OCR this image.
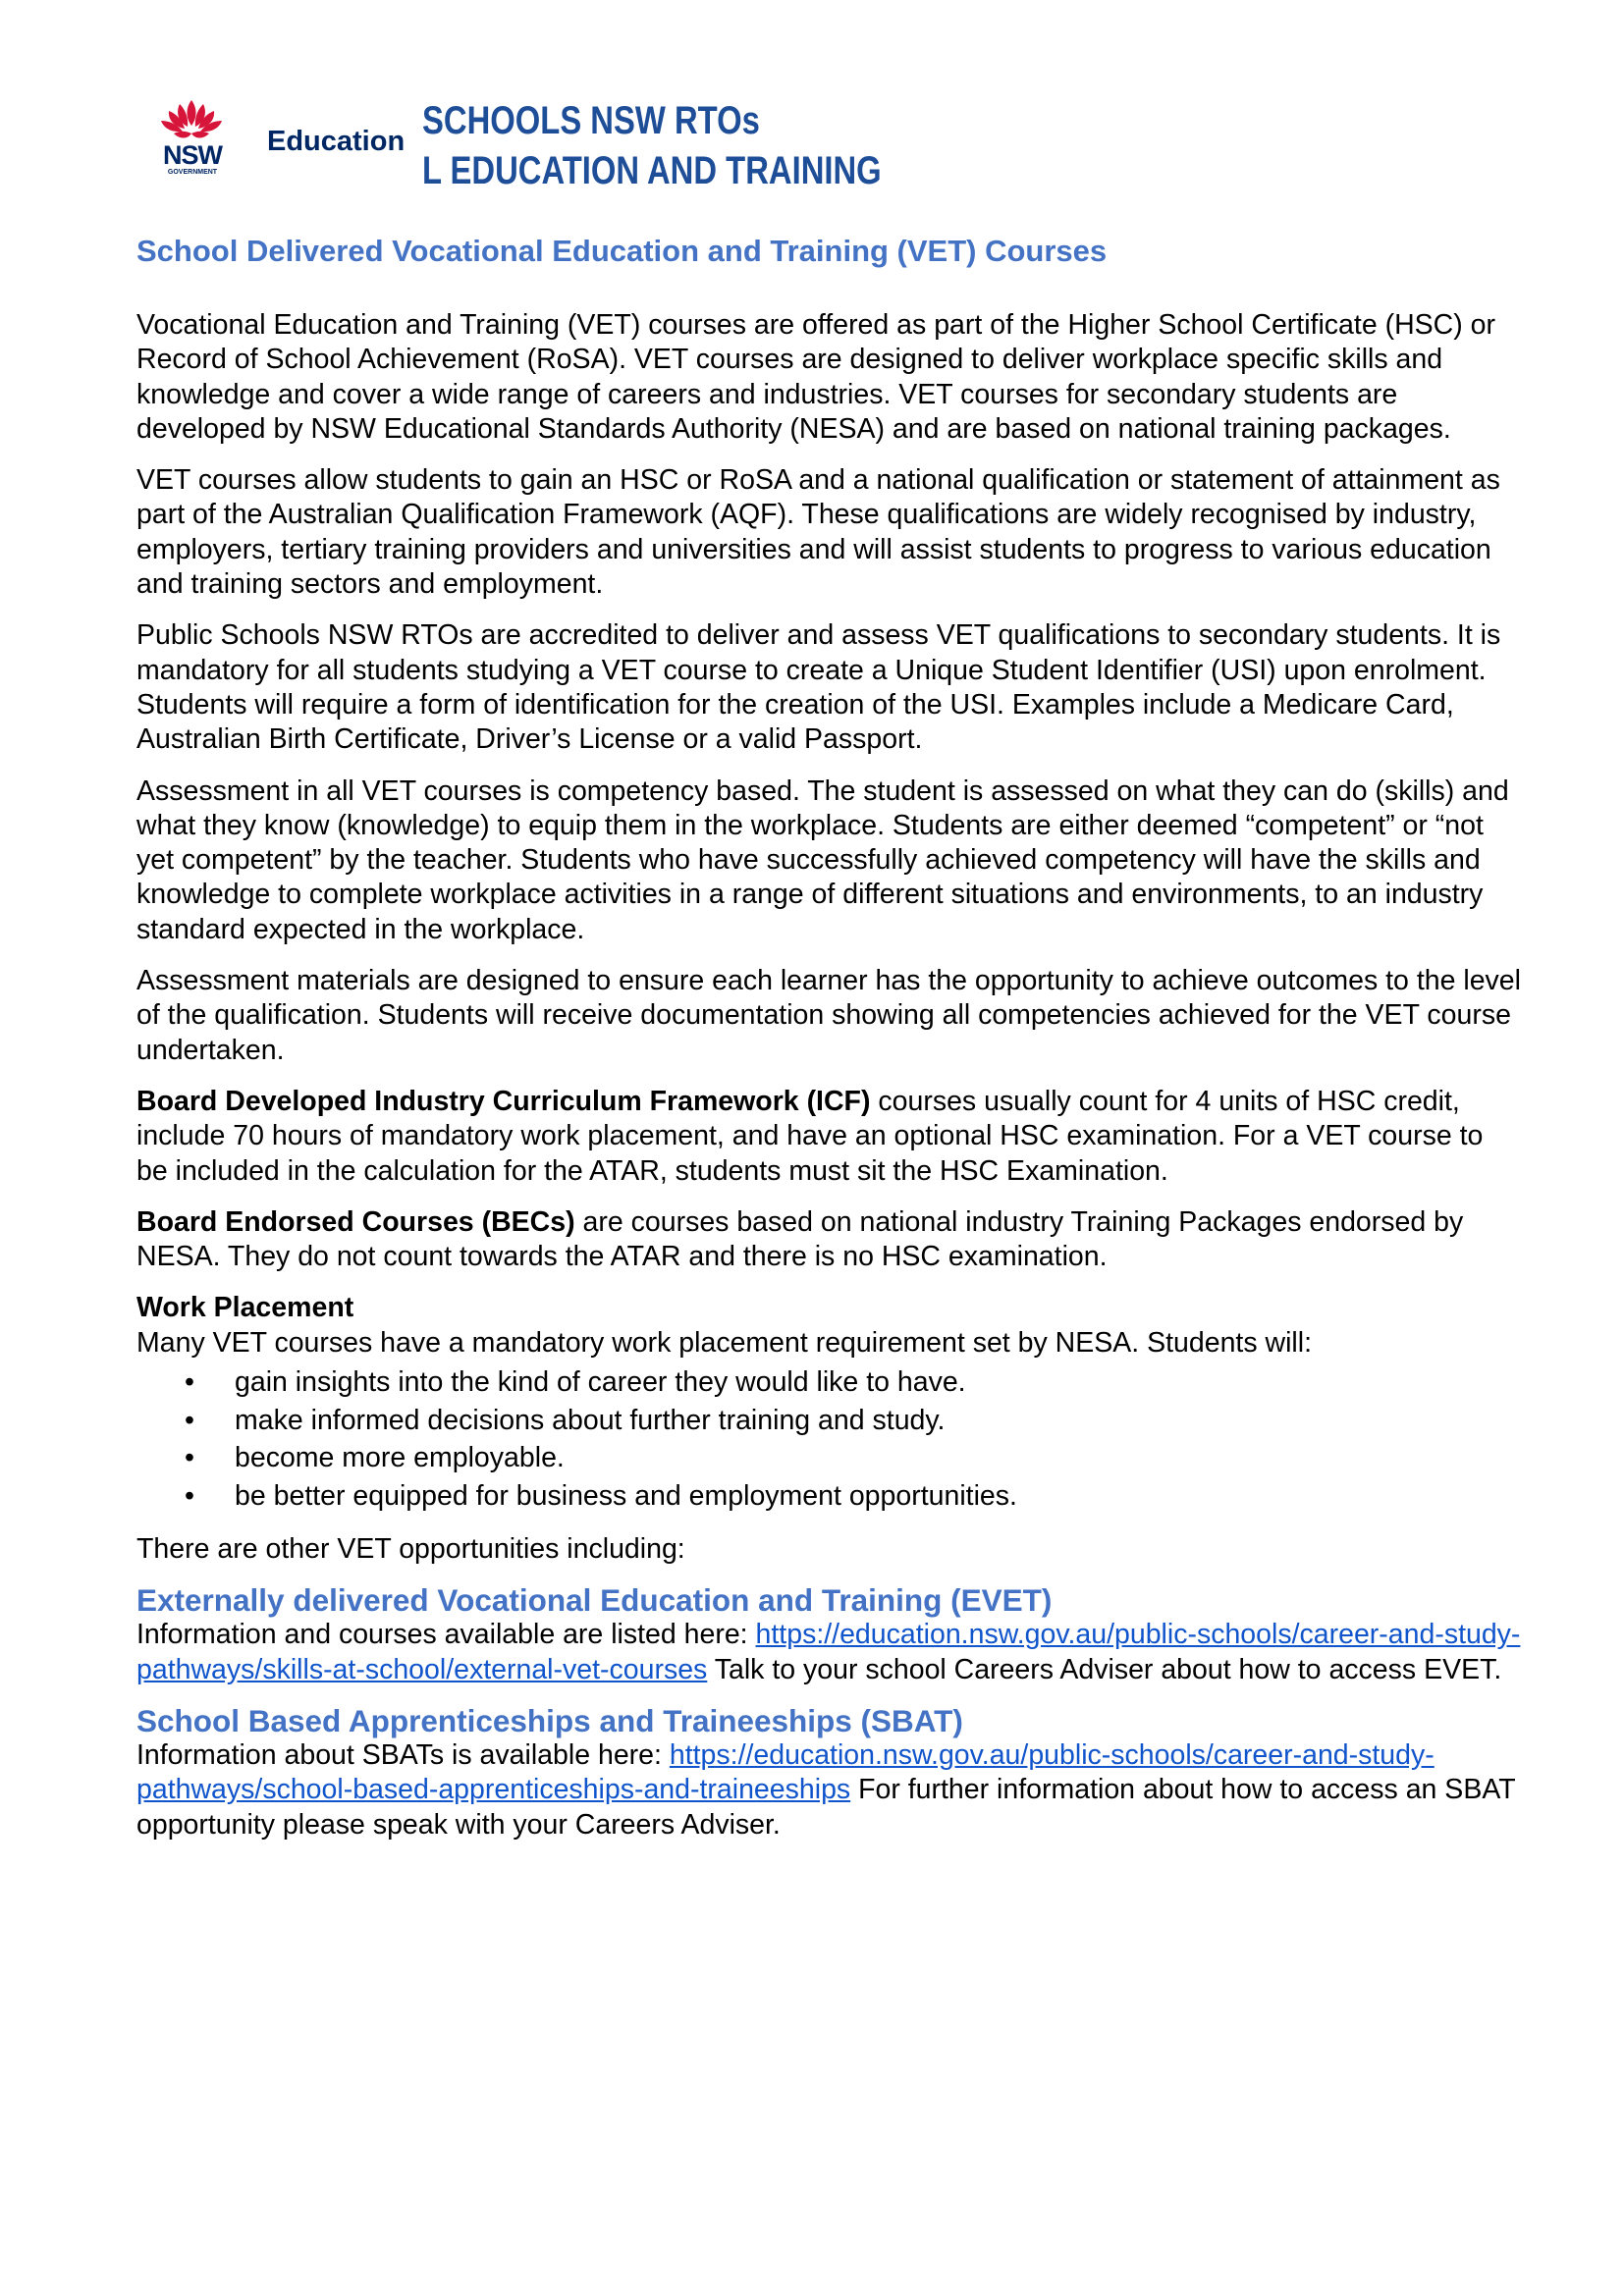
NSW
GOVERNMENT
Education SCHOOLS NSW RTOs
L EDUCATION AND TRAINING
School Delivered Vocational Education and Training (VET) Courses

Vocational Education and Training (VET) courses are offered as part of the Higher School Certificate (HSC) or Record of School Achievement (RoSA). VET courses are designed to deliver workplace specific skills and knowledge and cover a wide range of careers and industries. VET courses for secondary students are developed by NSW Educational Standards Authority (NESA) and are based on national training packages.

VET courses allow students to gain an HSC or RoSA and a national qualification or statement of attainment as part of the Australian Qualification Framework (AQF). These qualifications are widely recognised by industry, employers, tertiary training providers and universities and will assist students to progress to various education and training sectors and employment.

Public Schools NSW RTOs are accredited to deliver and assess VET qualifications to secondary students. It is mandatory for all students studying a VET course to create a Unique Student Identifier (USI) upon enrolment. Students will require a form of identification for the creation of the USI. Examples include a Medicare Card, Australian Birth Certificate, Driver’s License or a valid Passport.

Assessment in all VET courses is competency based. The student is assessed on what they can do (skills) and what they know (knowledge) to equip them in the workplace. Students are either deemed “competent” or “not yet competent” by the teacher. Students who have successfully achieved competency will have the skills and knowledge to complete workplace activities in a range of different situations and environments, to an industry standard expected in the workplace.

Assessment materials are designed to ensure each learner has the opportunity to achieve outcomes to the level of the qualification. Students will receive documentation showing all competencies achieved for the VET course undertaken.

Board Developed Industry Curriculum Framework (ICF) courses usually count for 4 units of HSC credit, include 70 hours of mandatory work placement, and have an optional HSC examination. For a VET course to be included in the calculation for the ATAR, students must sit the HSC Examination.

Board Endorsed Courses (BECs) are courses based on national industry Training Packages endorsed by NESA. They do not count towards the ATAR and there is no HSC examination.

Work Placement
Many VET courses have a mandatory work placement requirement set by NESA. Students will:
• gain insights into the kind of career they would like to have.
• make informed decisions about further training and study.
• become more employable.
• be better equipped for business and employment opportunities.

There are other VET opportunities including:

Externally delivered Vocational Education and Training (EVET)

Information and courses available are listed here: https://education.nsw.gov.au/public-schools/career-and-study-pathways/skills-at-school/external-vet-courses Talk to your school Careers Adviser about how to access EVET.

School Based Apprenticeships and Traineeships (SBAT)

Information about SBATs is available here: https://education.nsw.gov.au/public-schools/career-and-study-pathways/school-based-apprenticeships-and-traineeships For further information about how to access an SBAT opportunity please speak with your Careers Adviser.
